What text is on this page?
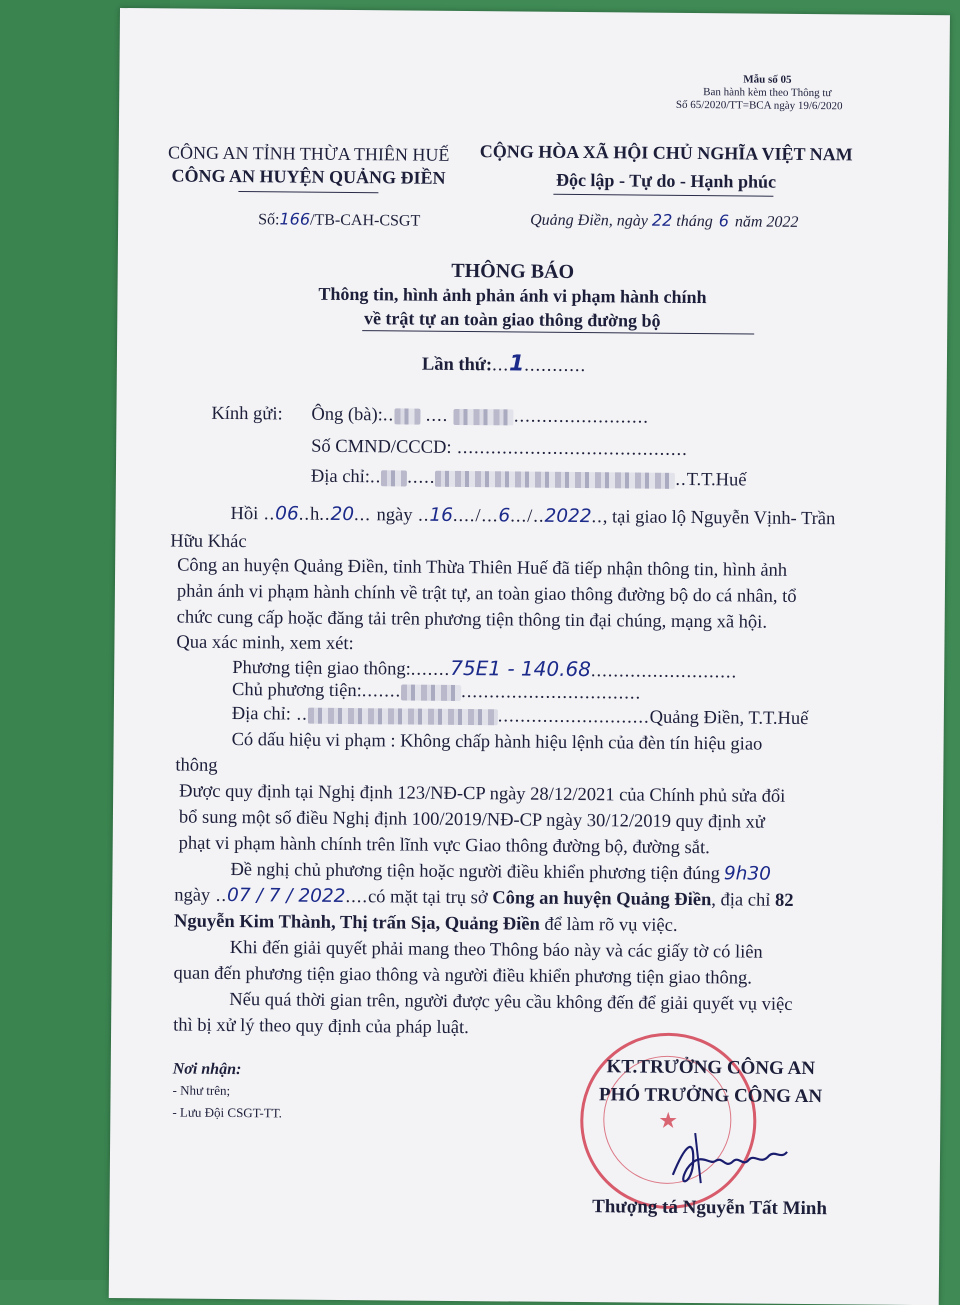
Mẫu số 05
Ban hành kèm theo Thông tư
Số 65/2020/TT=BCA ngày 19/6/2020
CÔNG AN TỈNH THỪA THIÊN HUẾ
CÔNG AN HUYỆN QUẢNG ĐIỀN
Số:166/TB-CAH-CSGT
CỘNG HÒA XÃ HỘI CHỦ NGHĨA VIỆT NAM
Độc lập - Tự do - Hạnh phúc
Quảng Điền, ngày 22 tháng 6 năm 2022
THÔNG BÁO
Thông tin, hình ảnh phản ánh vi phạm hành chính
về trật tự an toàn giao thông đường bộ
Lần thứ:...1...........
Kính gửi: Ông (bà):.. ....	........................
Số CMND/CCCD: .........................................
Địa chỉ:.. .....	..T.T.Huế
Hồi ..06..h..20... ngày ..16..../...6.../..2022.., tại giao lộ Nguyễn Vịnh- Trần
Hữu Khác
Công an huyện Quảng Điền, tỉnh Thừa Thiên Huế đã tiếp nhận thông tin, hình ảnh
phản ánh vi phạm hành chính về trật tự, an toàn giao thông đường bộ do cá nhân, tổ
chức cung cấp hoặc đăng tải trên phương tiện thông tin đại chúng, mạng xã hội.
Qua xác minh, xem xét:
Phương tiện giao thông:.......75E1 - 140.68..........................
Chủ phương tiện:.......	................................
Địa chỉ: ..	...........................Quảng Điền, T.T.Huế
Có dấu hiệu vi phạm : Không chấp hành hiệu lệnh của đèn tín hiệu giao
thông
Được quy định tại Nghị định 123/NĐ-CP ngày 28/12/2021 của Chính phủ sửa đổi
bổ sung một số điều Nghị định 100/2019/NĐ-CP ngày 30/12/2019 quy định xử
phạt vi phạm hành chính trên lĩnh vực Giao thông đường bộ, đường sắt.
Đề nghị chủ phương tiện hoặc người điều khiển phương tiện đúng 9h30
ngày ..07 / 7 / 2022....có mặt tại trụ sở Công an huyện Quảng Điền, địa chỉ 82
Nguyễn Kim Thành, Thị trấn Sịa, Quảng Điền để làm rõ vụ việc.
Khi đến giải quyết phải mang theo Thông báo này và các giấy tờ có liên
quan đến phương tiện giao thông và người điều khiển phương tiện giao thông.
Nếu quá thời gian trên, người được yêu cầu không đến để giải quyết vụ việc
thì bị xử lý theo quy định của pháp luật.
Nơi nhận:
- Như trên;
- Lưu Đội CSGT-TT.	★
KT.TRƯỞNG CÔNG AN
PHÓ TRƯỞNG CÔNG AN
Thượng tá Nguyễn Tất Minh
